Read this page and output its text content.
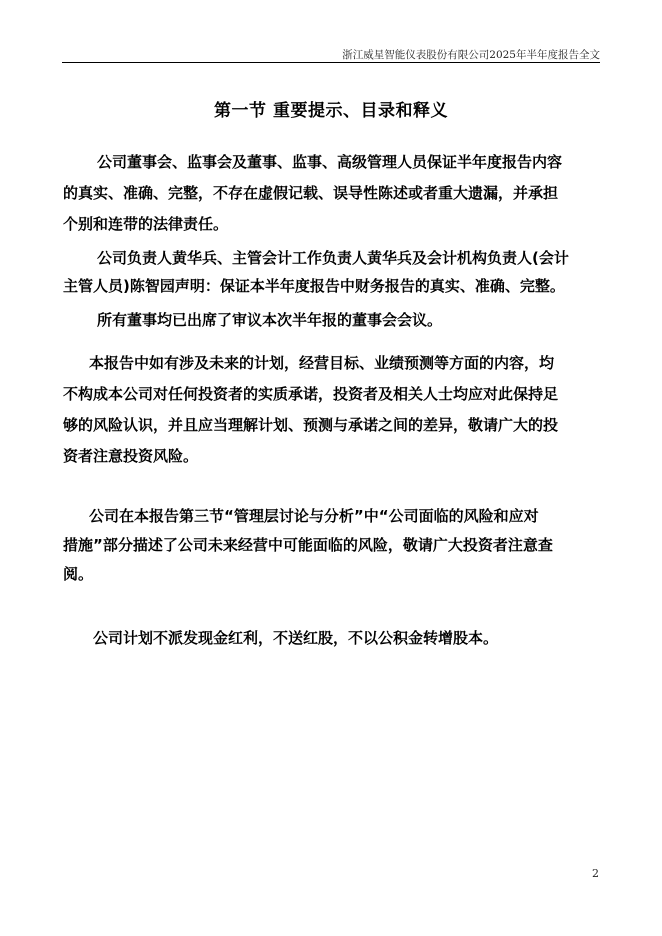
浙江威星智能仪表股份有限公司2025年半年度报告全文
第一节 重要提示、目录和释义
公司董事会、监事会及董事、监事、高级管理人员保证半年度报告内容
的真实、准确、完整，不存在虚假记载、误导性陈述或者重大遗漏，并承担
个别和连带的法律责任。
公司负责人黄华兵、主管会计工作负责人黄华兵及会计机构负责人(会计
主管人员)陈智园声明：保证本半年度报告中财务报告的真实、准确、完整。
所有董事均已出席了审议本次半年报的董事会会议。
本报告中如有涉及未来的计划，经营目标、业绩预测等方面的内容，均
不构成本公司对任何投资者的实质承诺，投资者及相关人士均应对此保持足
够的风险认识，并且应当理解计划、预测与承诺之间的差异，敬请广大的投
资者注意投资风险。
公司在本报告第三节“管理层讨论与分析”中“公司面临的风险和应对
措施”部分描述了公司未来经营中可能面临的风险，敬请广大投资者注意查
阅。
公司计划不派发现金红利，不送红股，不以公积金转增股本。
2
